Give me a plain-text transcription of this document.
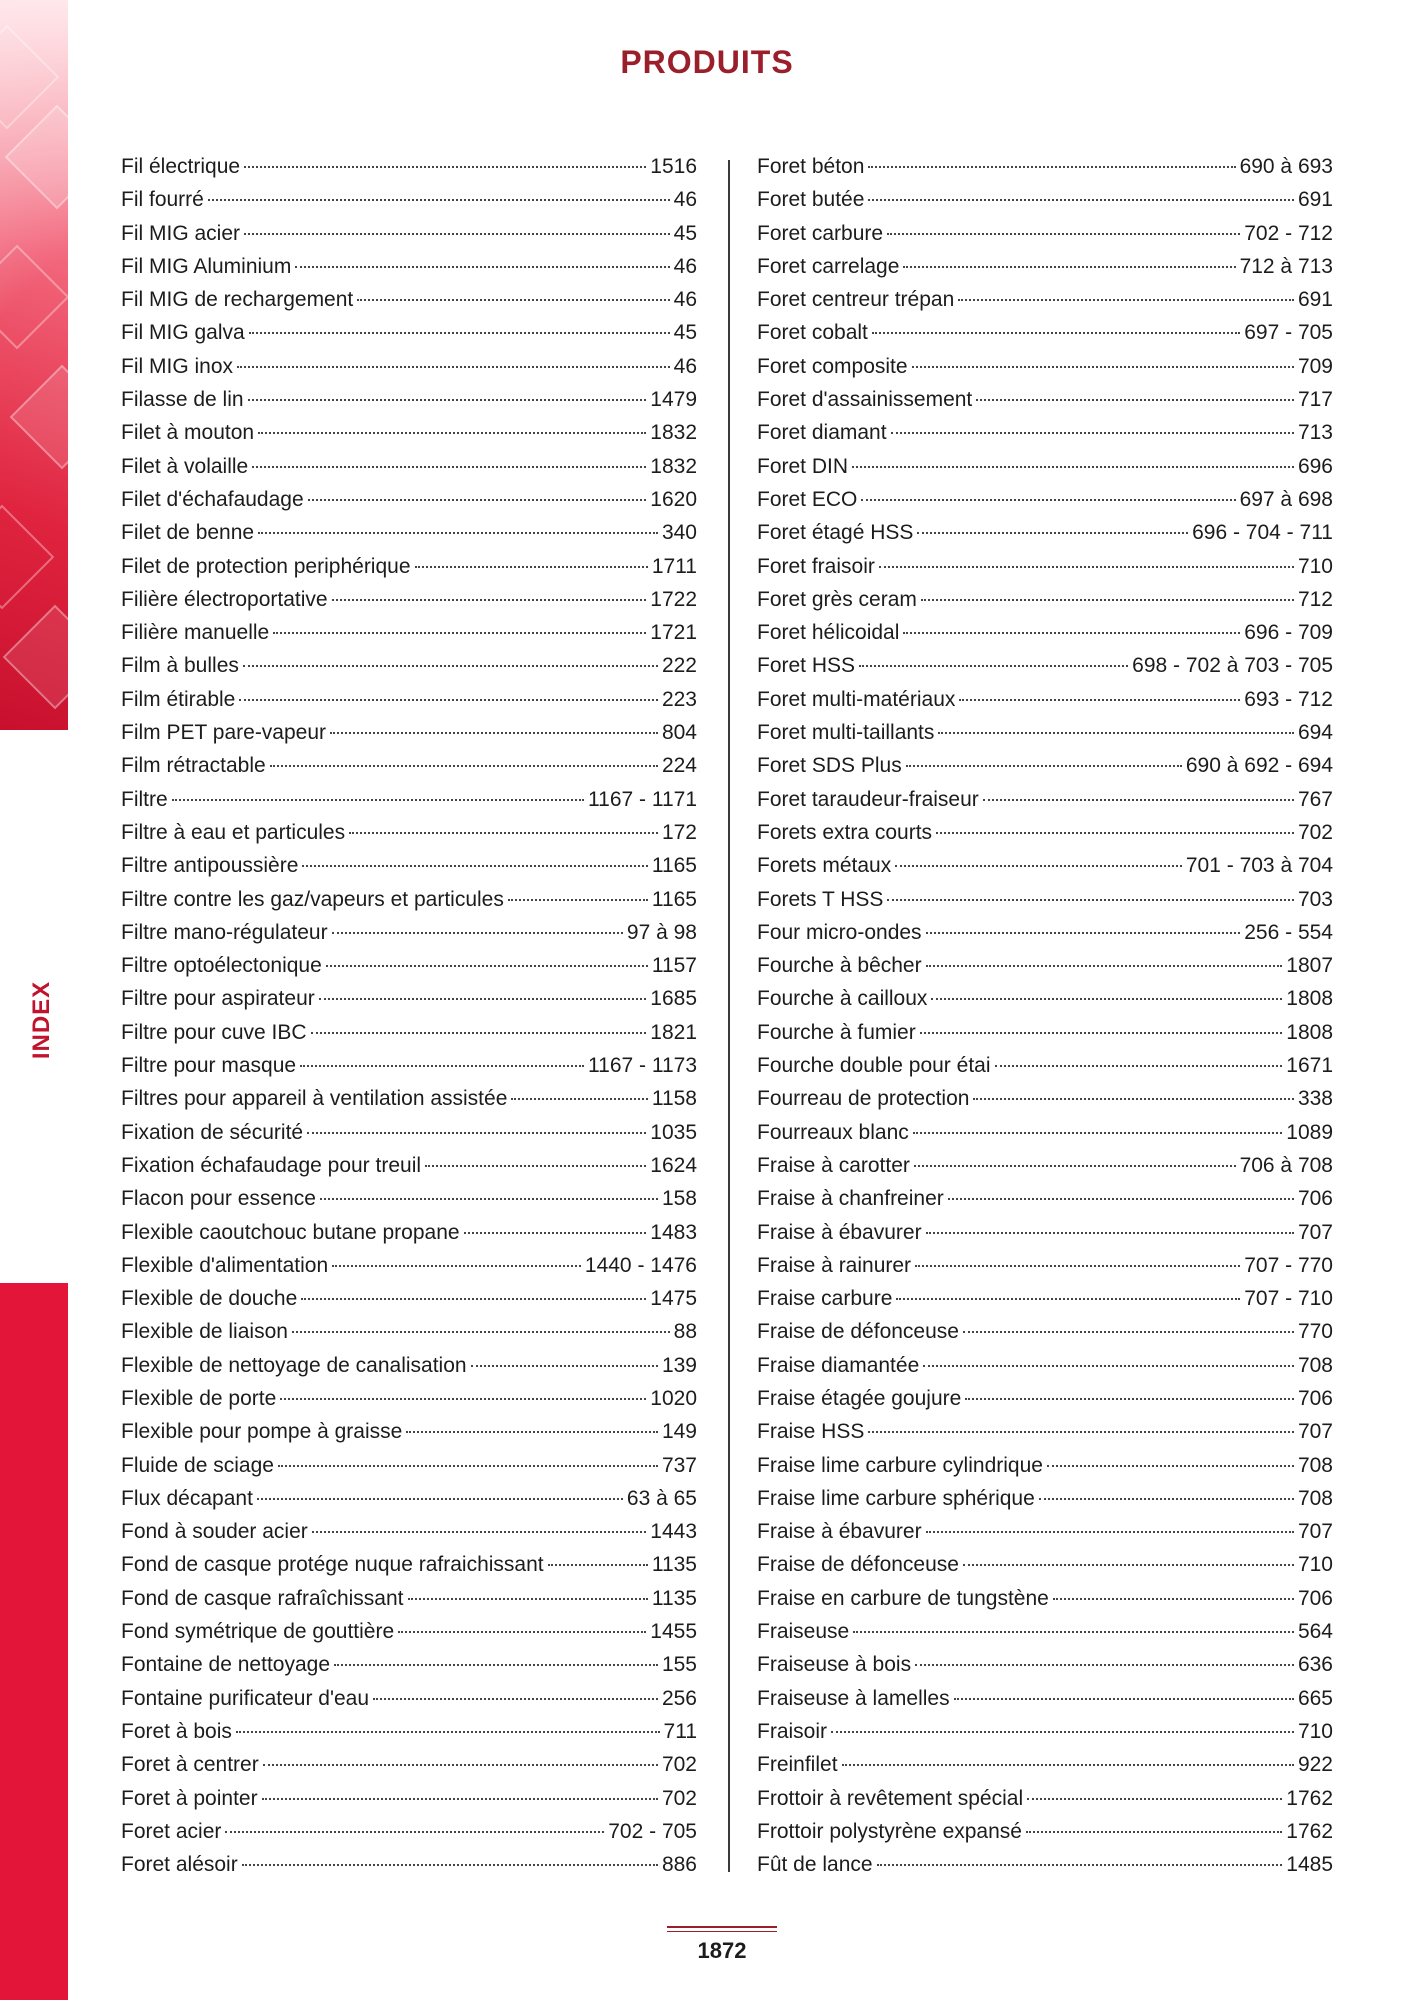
INDEX
PRODUITS
Fil électrique	1516
Fil fourré	46
Fil MIG acier	45
Fil MIG Aluminium	46
Fil MIG de rechargement	46
Fil MIG galva	45
Fil MIG inox	46
Filasse de lin	1479
Filet à mouton	1832
Filet à volaille	1832
Filet d'échafaudage	1620
Filet de benne	340
Filet de protection periphérique	1711
Filière électroportative	1722
Filière manuelle	1721
Film à bulles	222
Film étirable	223
Film PET pare-vapeur	804
Film rétractable	224
Filtre	1167 - 1171
Filtre à eau et particules	172
Filtre antipoussière	1165
Filtre contre les gaz/vapeurs et particules	1165
Filtre mano-régulateur	97 à 98
Filtre optoélectonique	1157
Filtre pour aspirateur	1685
Filtre pour cuve IBC	1821
Filtre pour masque	1167 - 1173
Filtres pour appareil à ventilation assistée	1158
Fixation de sécurité	1035
Fixation échafaudage pour treuil	1624
Flacon pour essence	158
Flexible caoutchouc butane propane	1483
Flexible d'alimentation	1440 - 1476
Flexible de douche	1475
Flexible de liaison	88
Flexible de nettoyage de canalisation	139
Flexible de porte	1020
Flexible pour pompe à graisse	149
Fluide de sciage	737
Flux décapant	63 à 65
Fond à souder acier	1443
Fond de casque protége nuque rafraichissant	1135
Fond de casque rafraîchissant	1135
Fond symétrique de gouttière	1455
Fontaine de nettoyage	155
Fontaine purificateur d'eau	256
Foret à bois	711
Foret à centrer	702
Foret à pointer	702
Foret acier	702 - 705
Foret alésoir	886
Foret béton	690 à 693
Foret butée	691
Foret carbure	702 - 712
Foret carrelage	712 à 713
Foret centreur trépan	691
Foret cobalt	697 - 705
Foret composite	709
Foret d'assainissement	717
Foret diamant	713
Foret DIN	696
Foret ECO	697 à 698
Foret étagé HSS	696 - 704 - 711
Foret fraisoir	710
Foret grès ceram	712
Foret hélicoidal	696 - 709
Foret HSS	698 - 702 à 703 - 705
Foret multi-matériaux	693 - 712
Foret multi-taillants	694
Foret SDS Plus	690 à 692 - 694
Foret taraudeur-fraiseur	767
Forets extra courts	702
Forets métaux	701 - 703 à 704
Forets T HSS	703
Four micro-ondes	256 - 554
Fourche à bêcher	1807
Fourche à cailloux	1808
Fourche à fumier	1808
Fourche double pour étai	1671
Fourreau de protection	338
Fourreaux blanc	1089
Fraise à carotter	706 à 708
Fraise à chanfreiner	706
Fraise à ébavurer	707
Fraise à rainurer	707 - 770
Fraise carbure	707 - 710
Fraise de défonceuse	770
Fraise diamantée	708
Fraise étagée goujure	706
Fraise HSS	707
Fraise lime carbure cylindrique	708
Fraise lime carbure sphérique	708
Fraise à ébavurer	707
Fraise de défonceuse	710
Fraise en carbure de tungstène	706
Fraiseuse	564
Fraiseuse à bois	636
Fraiseuse à lamelles	665
Fraisoir	710
Freinfilet	922
Frottoir à revêtement spécial	1762
Frottoir polystyrène expansé	1762
Fût de lance	1485
1872
